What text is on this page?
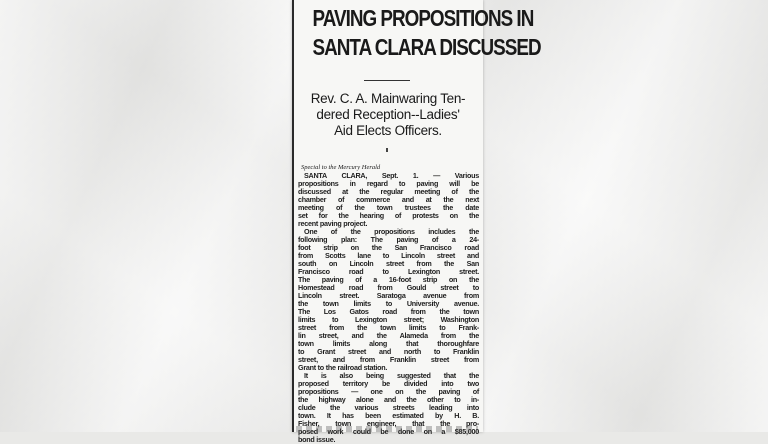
PAVING PROPOSITIONS IN
SANTA CLARA DISCUSSED
Rev. C. A. Mainwaring Ten-
dered Reception--Ladies'
Aid Elects Officers.
Special to the Mercury Herald
SANTA CLARA, Sept. 1. — Various
propositions in regard to paving will be
discussed at the regular meeting of the
chamber of commerce and at the next
meeting of the town trustees the date
set for the hearing of protests on the
recent paving project.
One of the propositions includes the
following plan: The paving of a 24-
foot strip on the San Francisco road
from Scotts lane to Lincoln street and
south on Lincoln street from the San
Francisco road to Lexington street.
The paving of a 16-foot strip on the
Homestead road from Gould street to
Lincoln street. Saratoga avenue from
the town limits to University avenue.
The Los Gatos road from the town
limits to Lexington street; Washington
street from the town limits to Frank-
lin street, and the Alameda from the
town limits along that thoroughfare
to Grant street and north to Franklin
street, and from Franklin street from
Grant to the railroad station.
It is also being suggested that the
proposed territory be divided into two
propositions — one on the paving of
the highway alone and the other to in-
clude the various streets leading into
town. It has been estimated by H. B.
Fisher, town engineer, that the pro-
posed work could be done on a $85,000
bond issue.
